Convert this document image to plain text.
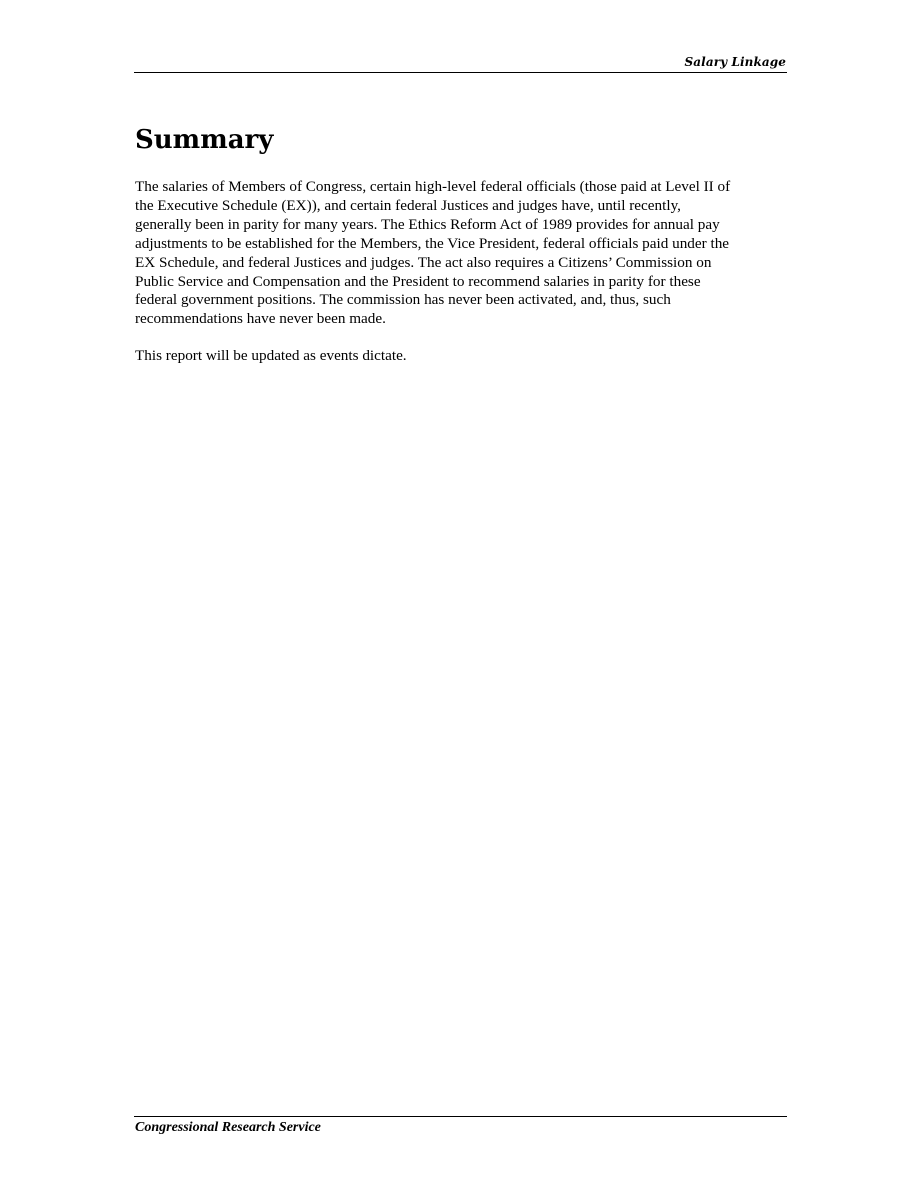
Salary Linkage
Summary

The salaries of Members of Congress, certain high-level federal officials (those paid at Level II of
the Executive Schedule (EX)), and certain federal Justices and judges have, until recently,
generally been in parity for many years. The Ethics Reform Act of 1989 provides for annual pay
adjustments to be established for the Members, the Vice President, federal officials paid under the
EX Schedule, and federal Justices and judges. The act also requires a Citizens’ Commission on
Public Service and Compensation and the President to recommend salaries in parity for these
federal government positions. The commission has never been activated, and, thus, such
recommendations have never been made.

This report will be updated as events dictate.

Congressional Research Service
